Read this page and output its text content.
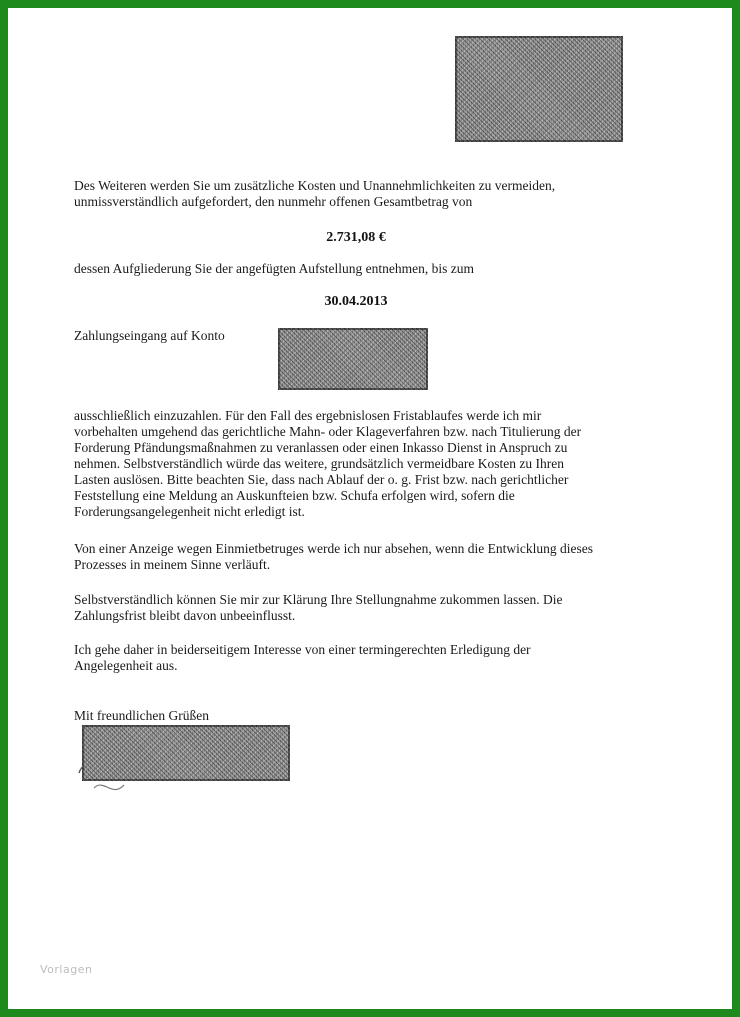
Des Weiteren werden Sie um zusätzliche Kosten und Unannehmlichkeiten zu vermeiden,
unmissverständlich aufgefordert, den nunmehr offenen Gesamtbetrag von

2.731,08 €

dessen Aufgliederung Sie der angefügten Aufstellung entnehmen, bis zum

30.04.2013
Zahlungseingang auf Konto

ausschließlich einzuzahlen. Für den Fall des ergebnislosen Fristablaufes werde ich mir
vorbehalten umgehend das gerichtliche Mahn- oder Klageverfahren bzw. nach Titulierung der
Forderung Pfändungsmaßnahmen zu veranlassen oder einen Inkasso Dienst in Anspruch zu
nehmen. Selbstverständlich würde das weitere, grundsätzlich vermeidbare Kosten zu Ihren
Lasten auslösen. Bitte beachten Sie, dass nach Ablauf der o. g. Frist bzw. nach gerichtlicher
Feststellung eine Meldung an Auskunfteien bzw. Schufa erfolgen wird, sofern die
Forderungsangelegenheit nicht erledigt ist.

Von einer Anzeige wegen Einmietbetruges werde ich nur absehen, wenn die Entwicklung dieses
Prozesses in meinem Sinne verläuft.

Selbstverständlich können Sie mir zur Klärung Ihre Stellungnahme zukommen lassen. Die
Zahlungsfrist bleibt davon unbeeinflusst.

Ich gehe daher in beiderseitigem Interesse von einer termingerechten Erledigung der
Angelegenheit aus.

Mit freundlichen Grüßen
Vorlagen
